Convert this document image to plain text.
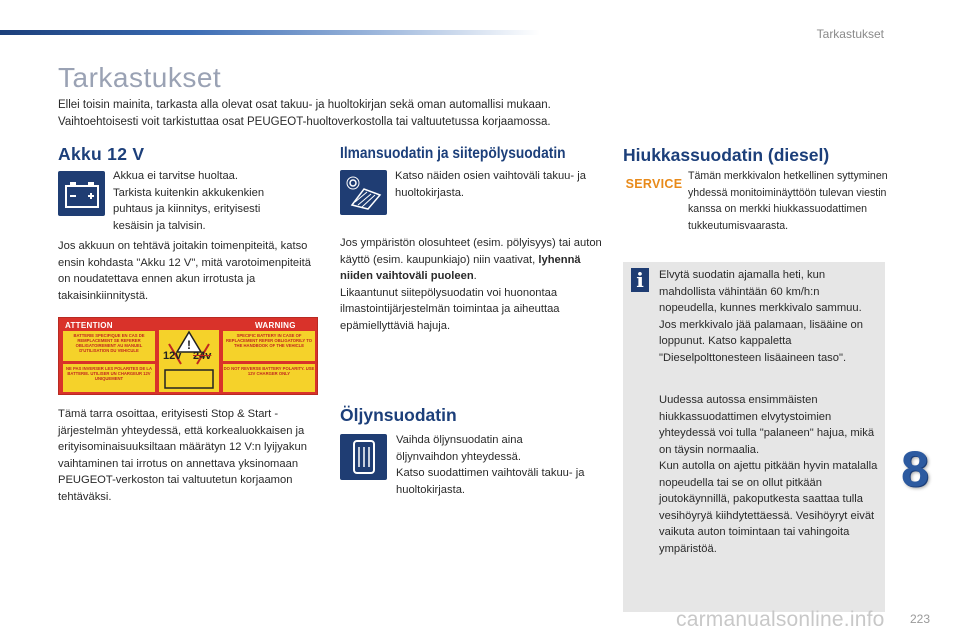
Tarkastukset
Tarkastukset

Ellei toisin mainita, tarkasta alla olevat osat takuu- ja huoltokirjan sekä oman automallisi mukaan. Vaihtoehtoisesti voit tarkistuttaa osat PEUGEOT-huoltoverkostolla tai valtuutetussa korjaamossa.

Akku 12 V

Akkua ei tarvitse huoltaa.
Tarkista kuitenkin akkukenkien puhtaus ja kiinnitys, erityisesti kesäisin ja talvisin.

Jos akkuun on tehtävä joitakin toimenpiteitä, katso ensin kohdasta "Akku 12 V", mitä varotoimenpiteitä on noudatettava ennen akun irrotusta ja takaisinkiinnitystä.

ATTENTION	WARNING
BATTERIE SPECIFIQUE EN CAS DE REMPLACEMENT SE REFERER OBLIGATOIREMENT AU MANUEL D'UTILISATION DU VEHICULE
SPECIFIC BATTERY IN CASE OF REPLACEMENT REFER OBLIGATORILY TO THE HANDBOOK OF THE VEHICLE
NE PAS INVERSER LES POLARITES DE LA BATTERIE. UTILISER UN CHARGEUR 12V UNIQUEMENT
DO NOT REVERSE BATTERY POLARITY. USE 12V CHARGER ONLY
!
12v 24v

Tämä tarra osoittaa, erityisesti Stop & Start -järjestelmän yhteydessä, että korkealuokkaisen ja erityisominaisuuksiltaan määrätyn 12 V:n lyijyakun vaihtaminen tai irrotus on annettava yksinomaan PEUGEOT-verkoston tai valtuutetun korjaamon tehtäväksi.

Ilmansuodatin ja siitepölysuodatin

Katso näiden osien vaihtoväli takuu- ja huoltokirjasta.

Jos ympäristön olosuhteet (esim. pölyisyys) tai auton käyttö (esim. kaupunkiajo) niin vaativat, lyhennä niiden vaihtoväli puoleen.
Likaantunut siitepölysuodatin voi huonontaa ilmastointijärjestelmän toimintaa ja aiheuttaa epämiellyttäviä hajuja.

Öljynsuodatin

Vaihda öljynsuodatin aina öljynvaihdon yhteydessä.
Katso suodattimen vaihtoväli takuu- ja huoltokirjasta.

Hiukkassuodatin (diesel)
SERVICE

Tämän merkkivalon hetkellinen syttyminen yhdessä monitoiminäyttöön tulevan viestin kanssa on merkki hiukkassuodattimen tukkeutumisvaarasta.

i	Elvytä suodatin ajamalla heti, kun mahdollista vähintään 60 km/h:n nopeudella, kunnes merkkivalo sammuu.
Jos merkkivalo jää palamaan, lisääine on loppunut. Katso kappaletta "Dieselpolttonesteen lisäaineen taso".

Uudessa autossa ensimmäisten hiukkassuodattimen elvytystoimien yhteydessä voi tulla "palaneen" hajua, mikä on täysin normaalia.
Kun autolla on ajettu pitkään hyvin matalalla nopeudella tai se on ollut pitkään joutokäynnillä, pakoputkesta saattaa tulla vesihöyryä kiihdytettäessä. Vesihöyryt eivät vaikuta auton toimintaan tai vahingoita ympäristöä.

8
carmanualsonline.info 223
